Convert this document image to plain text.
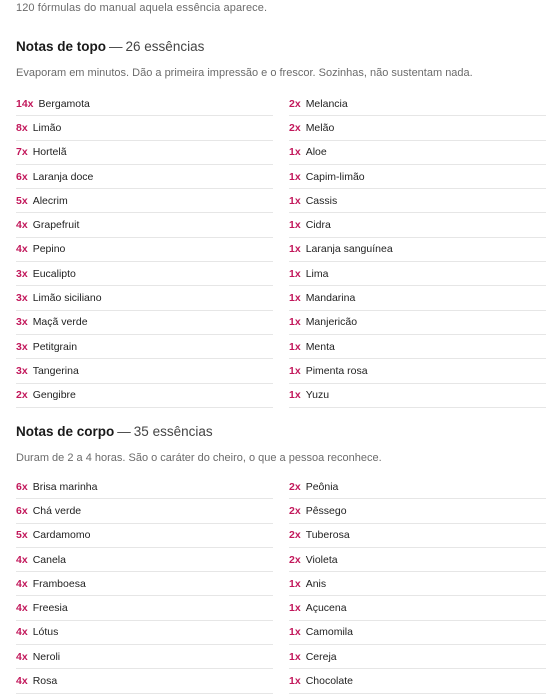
120 fórmulas do manual aquela essência aparece.
Notas de topo — 26 essências
Evaporam em minutos. Dão a primeira impressão e o frescor. Sozinhas, não sustentam nada.
14x Bergamota	2x Melancia
8x Limão	2x Melão
7x Hortelã	1x Aloe
6x Laranja doce	1x Capim-limão
5x Alecrim	1x Cassis
4x Grapefruit	1x Cidra
4x Pepino	1x Laranja sanguínea
3x Eucalipto	1x Lima
3x Limão siciliano	1x Mandarina
3x Maçã verde	1x Manjericão
3x Petitgrain	1x Menta
3x Tangerina	1x Pimenta rosa
2x Gengibre	1x Yuzu
Notas de corpo — 35 essências
Duram de 2 a 4 horas. São o caráter do cheiro, o que a pessoa reconhece.
6x Brisa marinha	2x Peônia
6x Chá verde	2x Pêssego
5x Cardamomo	2x Tuberosa
4x Canela	2x Violeta
4x Framboesa	1x Anis
4x Freesia	1x Açucena
4x Lótus	1x Camomila
4x Neroli	1x Cereja
4x Rosa	1x Chocolate
